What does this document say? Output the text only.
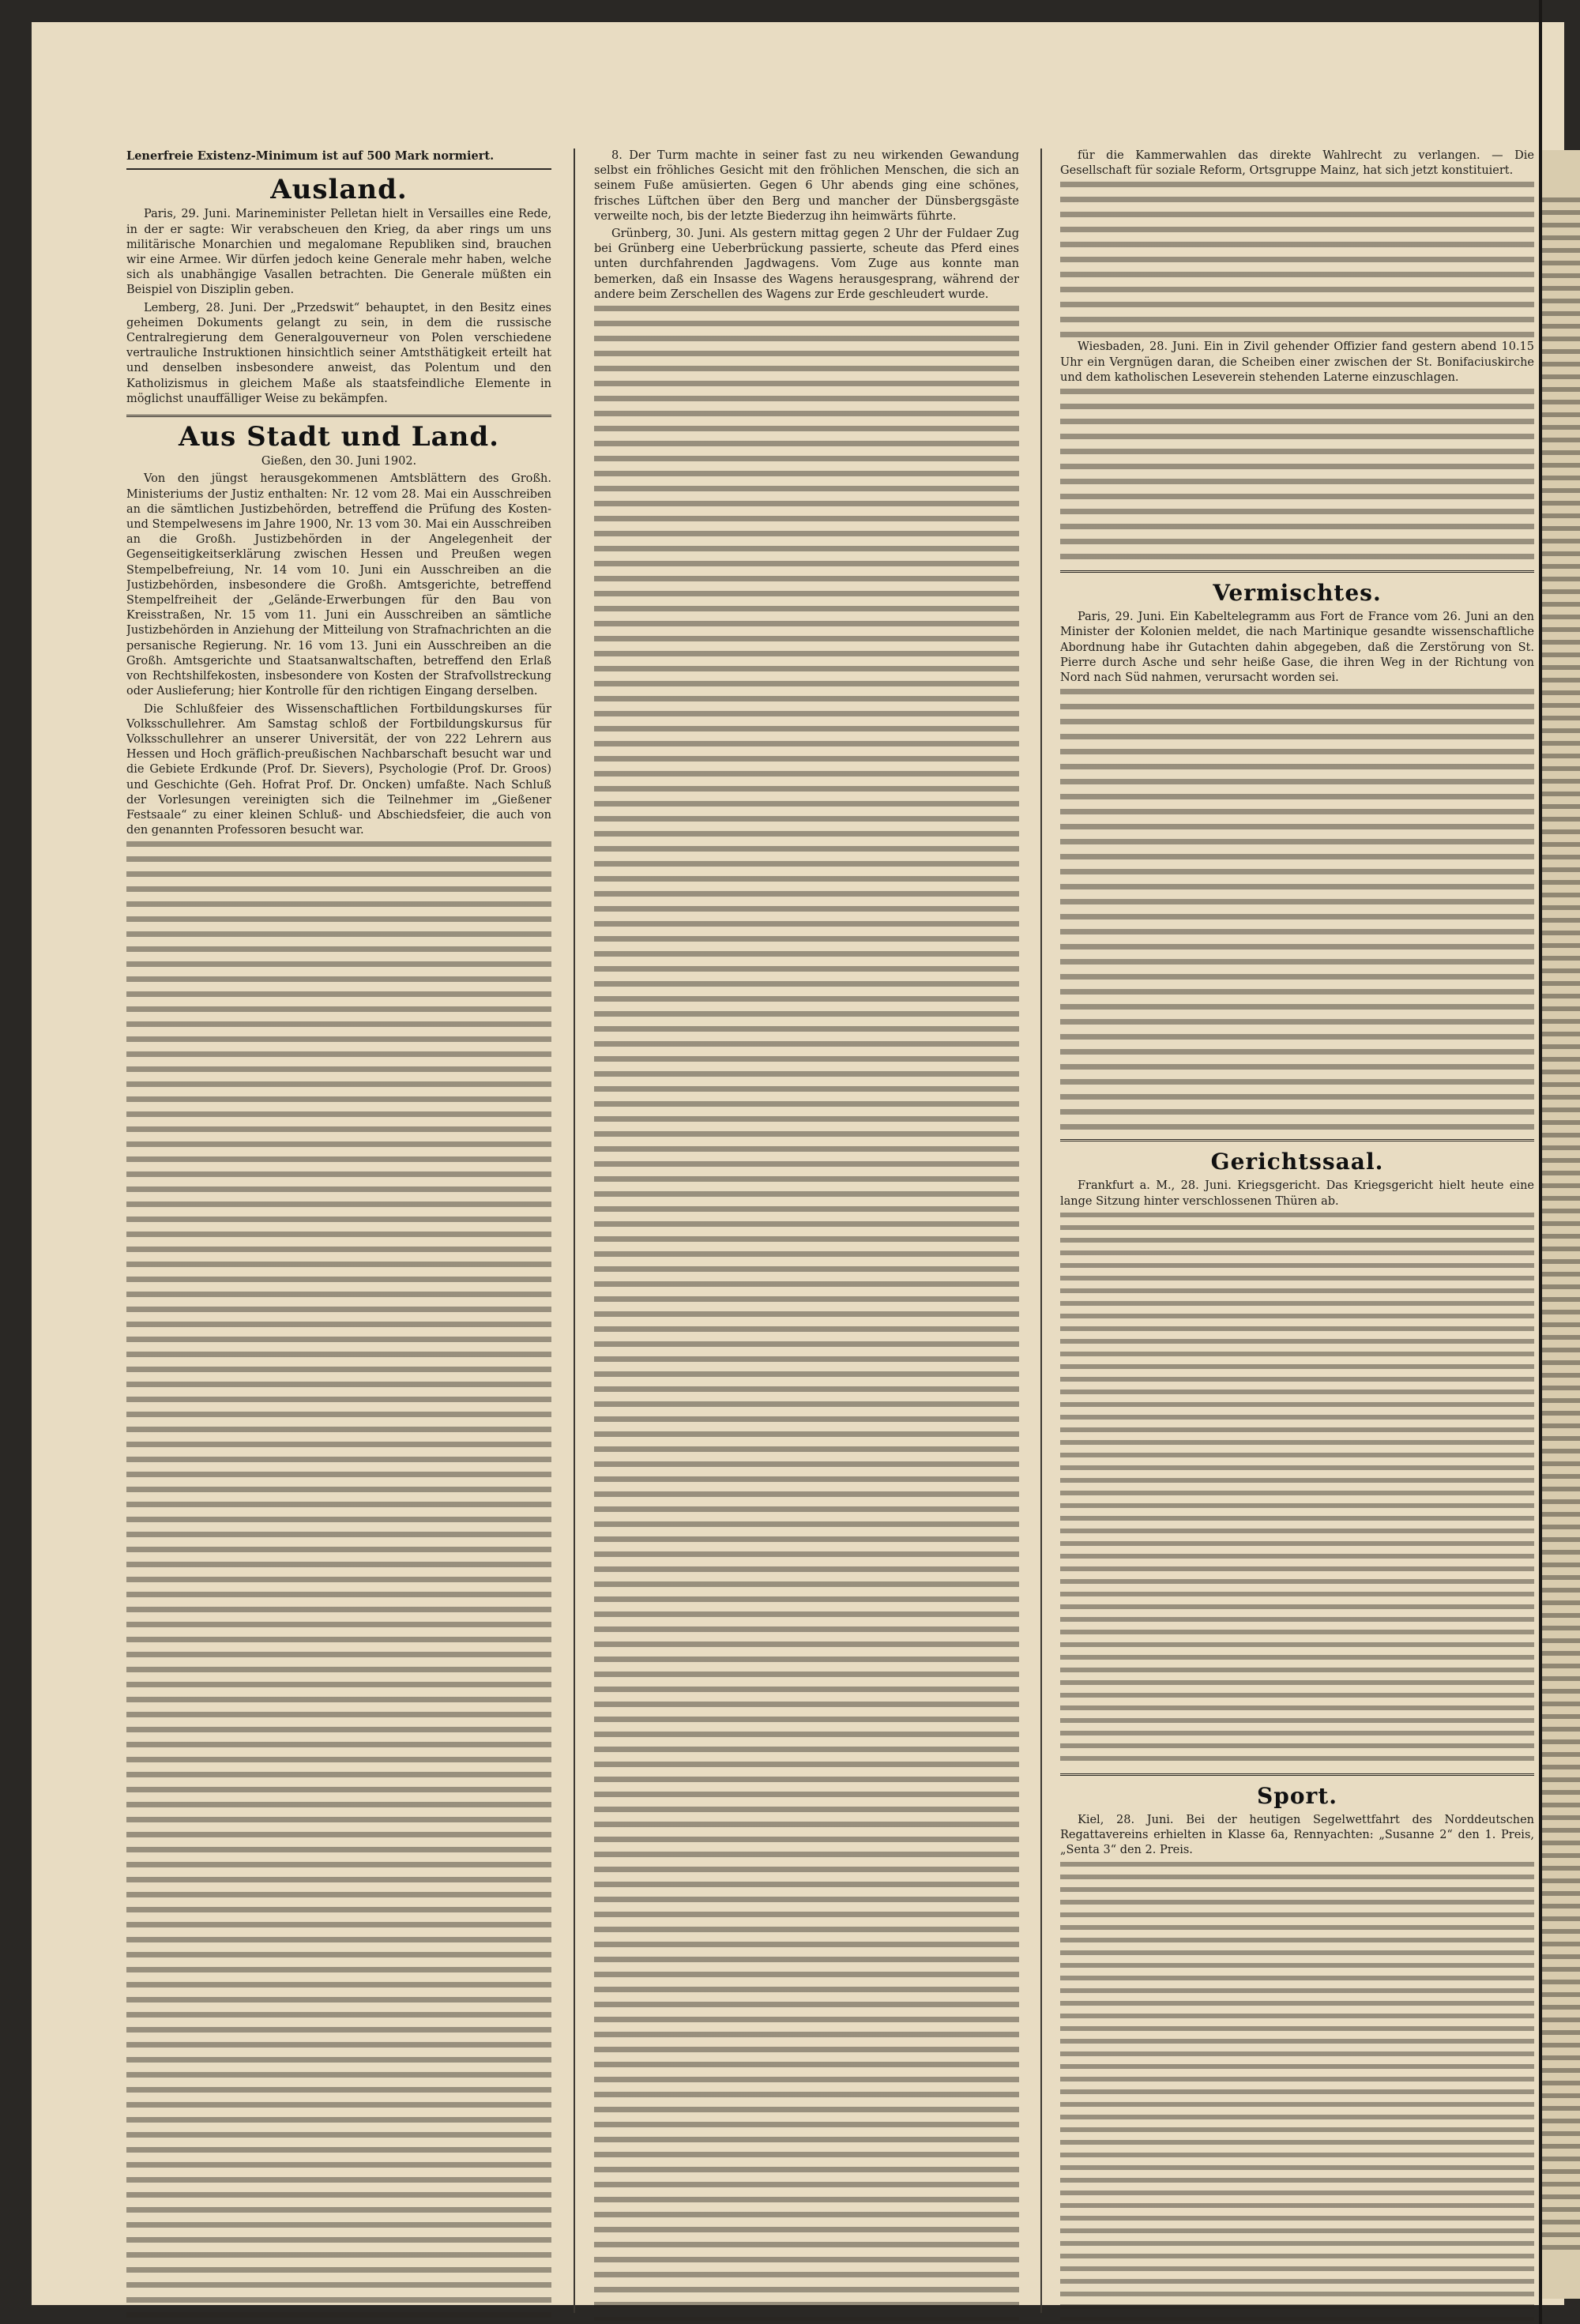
Lenerfreie Existenz-Minimum ist auf 500 Mark normiert.

Ausland.

Paris, 29. Juni. Marineminister Pelletan hielt in Versailles eine Rede, in der er sagte: Wir verabscheuen den Krieg, da aber rings um uns militärische Monarchien und megalomane Republiken sind, brauchen wir eine Armee. Wir dürfen jedoch keine Generale mehr haben, welche sich als unabhängige Vasallen betrachten. Die Generale müßten ein Beispiel von Disziplin geben.

Lemberg, 28. Juni. Der „Przedswit“ behauptet, in den Besitz eines geheimen Dokuments gelangt zu sein, in dem die russische Centralregierung dem Generalgouverneur von Polen verschiedene vertrauliche Instruktionen hinsichtlich seiner Amtsthätigkeit erteilt hat und denselben insbesondere anweist, das Polentum und den Katholizismus in gleichem Maße als staatsfeindliche Elemente in möglichst unauffälliger Weise zu bekämpfen.

Aus Stadt und Land.

Gießen, den 30. Juni 1902.

Von den jüngst herausgekommenen Amtsblättern des Großh. Ministeriums der Justiz enthalten: Nr. 12 vom 28. Mai ein Ausschreiben an die sämtlichen Justizbehörden, betreffend die Prüfung des Kosten- und Stempelwesens im Jahre 1900, Nr. 13 vom 30. Mai ein Ausschreiben an die Großh. Justizbehörden in der Angelegenheit der Gegenseitigkeitserklärung zwischen Hessen und Preußen wegen Stempelbefreiung, Nr. 14 vom 10. Juni ein Ausschreiben an die Justizbehörden, insbesondere die Großh. Amtsgerichte, betreffend Stempelfreiheit der „Gelände-Erwerbungen für den Bau von Kreisstraßen, Nr. 15 vom 11. Juni ein Ausschreiben an sämtliche Justizbehörden in Anziehung der Mitteilung von Strafnachrichten an die persanische Regierung. Nr. 16 vom 13. Juni ein Ausschreiben an die Großh. Amtsgerichte und Staatsanwaltschaften, betreffend den Erlaß von Rechtshilfekosten, insbesondere von Kosten der Strafvollstreckung oder Auslieferung; hier Kontrolle für den richtigen Eingang derselben.

Die Schlußfeier des Wissenschaftlichen Fortbildungskurses für Volksschullehrer. Am Samstag schloß der Fortbildungskursus für Volksschullehrer an unserer Universität, der von 222 Lehrern aus Hessen und Hoch gräflich-preußischen Nachbarschaft besucht war und die Gebiete Erdkunde (Prof. Dr. Sievers), Psychologie (Prof. Dr. Groos) und Geschichte (Geh. Hofrat Prof. Dr. Oncken) umfaßte. Nach Schluß der Vorlesungen vereinigten sich die Teilnehmer im „Gießener Festsaale“ zu einer kleinen Schluß- und Abschiedsfeier, die auch von den genannten Professoren besucht war.

8. Der Turm machte in seiner fast zu neu wirkenden Gewandung selbst ein fröhliches Gesicht mit den fröhlichen Menschen, die sich an seinem Fuße amüsierten. Gegen 6 Uhr abends ging eine schönes, frisches Lüftchen über den Berg und mancher der Dünsbergsgäste verweilte noch, bis der letzte Biederzug ihn heimwärts führte.

Grünberg, 30. Juni. Als gestern mittag gegen 2 Uhr der Fuldaer Zug bei Grünberg eine Ueberbrückung passierte, scheute das Pferd eines unten durchfahrenden Jagdwagens. Vom Zuge aus konnte man bemerken, daß ein Insasse des Wagens herausgesprang, während der andere beim Zerschellen des Wagens zur Erde geschleudert wurde.

für die Kammerwahlen das direkte Wahlrecht zu verlangen. — Die Gesellschaft für soziale Reform, Ortsgruppe Mainz, hat sich jetzt konstituiert.

Wiesbaden, 28. Juni. Ein in Zivil gehender Offizier fand gestern abend 10.15 Uhr ein Vergnügen daran, die Scheiben einer zwischen der St. Bonifaciuskirche und dem katholischen Leseverein stehenden Laterne einzuschlagen.

Vermischtes.

Paris, 29. Juni. Ein Kabeltelegramm aus Fort de France vom 26. Juni an den Minister der Kolonien meldet, die nach Martinique gesandte wissenschaftliche Abordnung habe ihr Gutachten dahin abgegeben, daß die Zerstörung von St. Pierre durch Asche und sehr heiße Gase, die ihren Weg in der Richtung von Nord nach Süd nahmen, verursacht worden sei.

Gerichtssaal.

Frankfurt a. M., 28. Juni. Kriegsgericht. Das Kriegsgericht hielt heute eine lange Sitzung hinter verschlossenen Thüren ab.

Sport.

Kiel, 28. Juni. Bei der heutigen Segelwettfahrt des Norddeutschen Regattavereins erhielten in Klasse 6a, Rennyachten: „Susanne 2“ den 1. Preis, „Senta 3“ den 2. Preis.
